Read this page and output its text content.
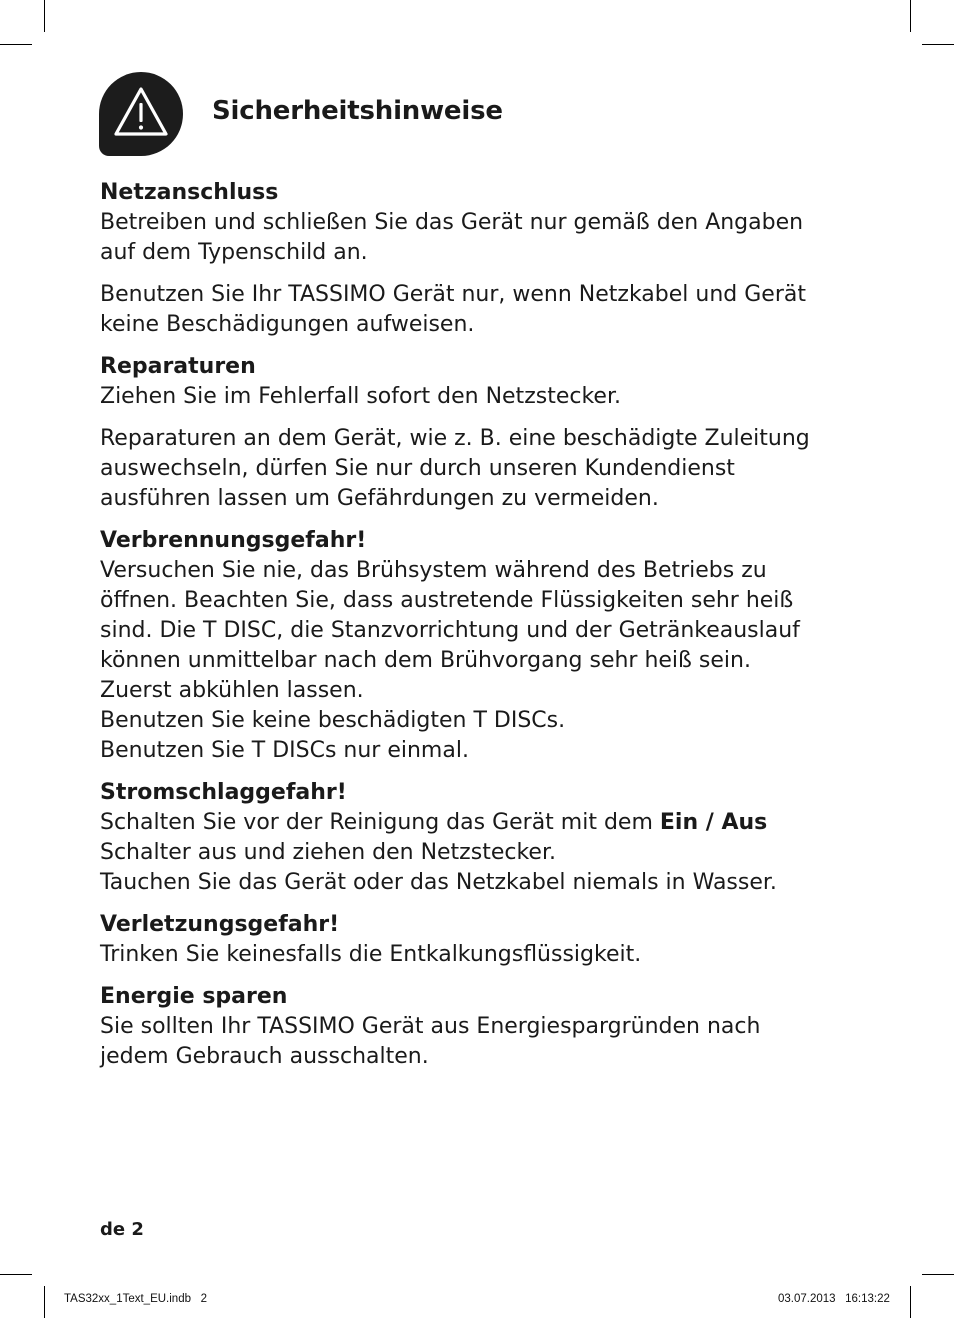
Sicherheitshinweise
Netzanschluss
Betreiben und schließen Sie das Gerät nur gemäß den Angaben
auf dem Typenschild an.
Benutzen Sie Ihr TASSIMO Gerät nur, wenn Netzkabel und Gerät
keine Beschädigungen aufweisen.
Reparaturen
Ziehen Sie im Fehlerfall sofort den Netzstecker.
Reparaturen an dem Gerät, wie z. B. eine beschädigte Zuleitung
auswechseln, dürfen Sie nur durch unseren Kundendienst
ausführen lassen um Gefährdungen zu vermeiden.
Verbrennungsgefahr!
Versuchen Sie nie, das Brühsystem während des Betriebs zu
öffnen. Beachten Sie, dass austretende Flüssigkeiten sehr heiß
sind. Die T DISC, die Stanzvorrichtung und der Getränkeauslauf
können unmittelbar nach dem Brühvorgang sehr heiß sein.
Zuerst abkühlen lassen.
Benutzen Sie keine beschädigten T DISCs.
Benutzen Sie T DISCs nur einmal.
Stromschlaggefahr!
Schalten Sie vor der Reinigung das Gerät mit dem Ein / Aus
Schalter aus und ziehen den Netzstecker.
Tauchen Sie das Gerät oder das Netzkabel niemals in Wasser.
Verletzungsgefahr!
Trinken Sie keinesfalls die Entkalkungsflüssigkeit.
Energie sparen
Sie sollten Ihr TASSIMO Gerät aus Energiespargründen nach
jedem Gebrauch ausschalten.
de 2
TAS32xx_1Text_EU.indb   2	03.07.2013   16:13:22
